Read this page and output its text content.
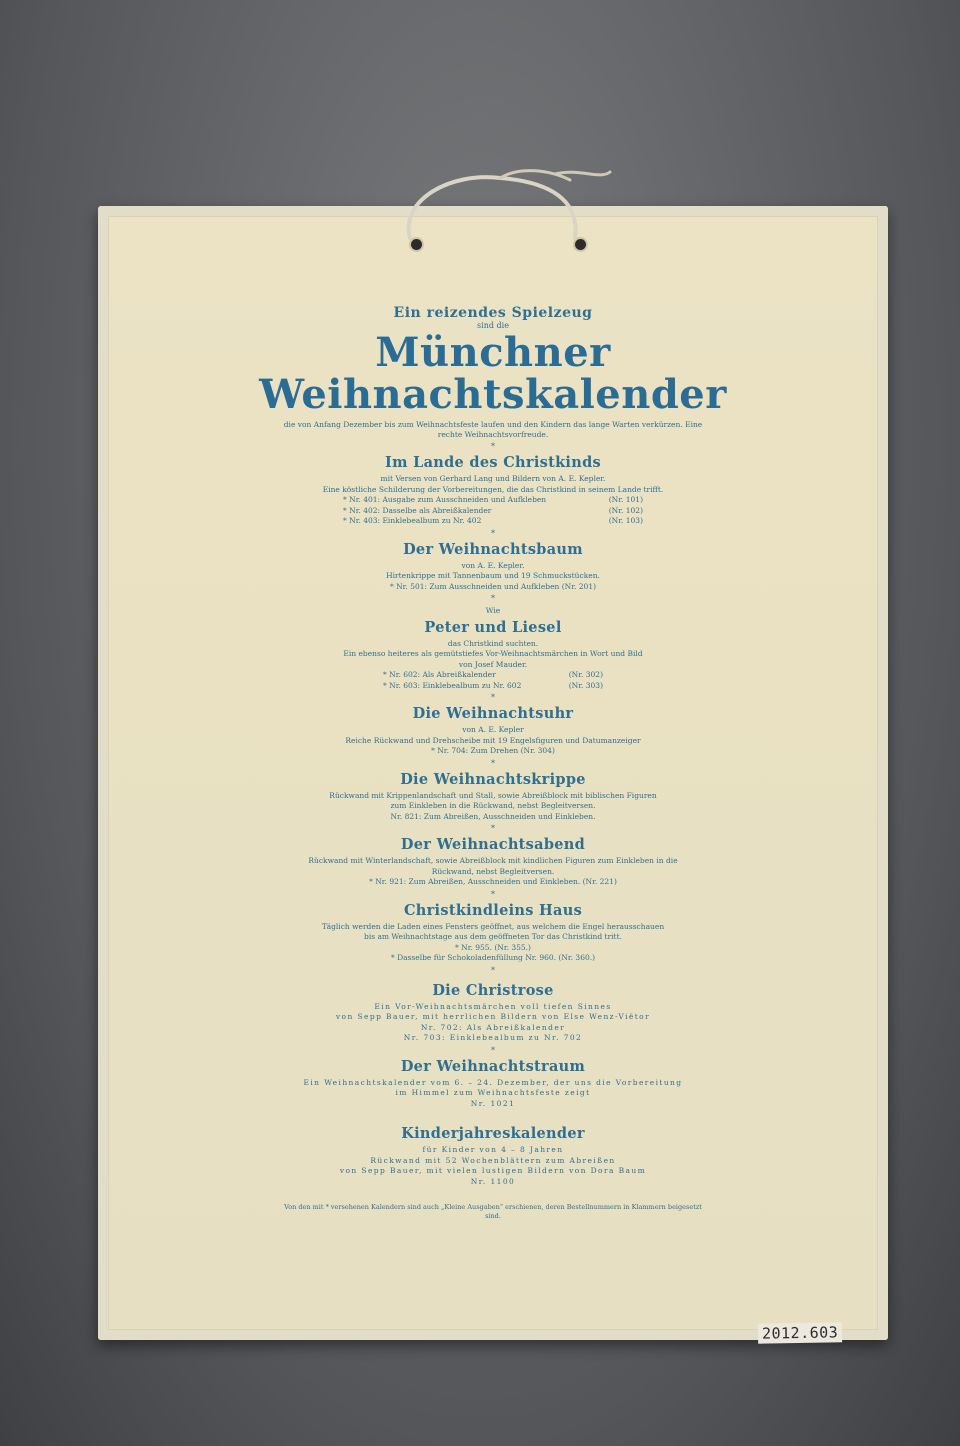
Ein reizendes Spielzeug

sind die

Münchner
Weihnachtskalender

die von Anfang Dezember bis zum Weihnachtsfeste laufen und den Kindern das lange Warten verkürzen. Eine rechte Weihnachtsvorfreude.

*

Im Lande des Christkinds

mit Versen von Gerhard Lang und Bildern von A. E. Kepler.

Eine köstliche Schilderung der Vorbereitungen, die das Christkind in seinem Lande trifft.

* Nr. 401: Ausgabe zum Ausschneiden und Aufkleben	(Nr. 101)
* Nr. 402: Dasselbe als Abreißkalender	(Nr. 102)
* Nr. 403: Einklebealbum zu Nr. 402	(Nr. 103)

*

Der Weihnachtsbaum

von A. E. Kepler.

Hirtenkrippe mit Tannenbaum und 19 Schmuckstücken.

* Nr. 501: Zum Ausschneiden und Aufkleben (Nr. 201)

*

Wie

Peter und Liesel

das Christkind suchten.

Ein ebenso heiteres als gemütstiefes Vor-Weihnachtsmärchen in Wort und Bild

von Josef Mauder.

* Nr. 602: Als Abreißkalender	(Nr. 302)
* Nr. 603: Einklebealbum zu Nr. 602	(Nr. 303)

*

Die Weihnachtsuhr

von A. E. Kepler

Reiche Rückwand und Drehscheibe mit 19 Engelsfiguren und Datumanzeiger

* Nr. 704: Zum Drehen (Nr. 304)

*

Die Weihnachtskrippe

Rückwand mit Krippenlandschaft und Stall, sowie Abreißblock mit biblischen Figuren

zum Einkleben in die Rückwand, nebst Begleitversen.

Nr. 821: Zum Abreißen, Ausschneiden und Einkleben.

*

Der Weihnachtsabend

Rückwand mit Winterlandschaft, sowie Abreißblock mit kindlichen Figuren zum Einkleben in die Rückwand, nebst Begleitversen.

* Nr. 921: Zum Abreißen, Ausschneiden und Einkleben. (Nr. 221)

*

Christkindleins Haus

Täglich werden die Laden eines Fensters geöffnet, aus welchem die Engel herausschauen

bis am Weihnachtstage aus dem geöffneten Tor das Christkind tritt.

* Nr. 955. (Nr. 355.)

* Dasselbe für Schokoladenfüllung Nr. 960. (Nr. 360.)

*

Die Christrose

Ein Vor-Weihnachtsmärchen voll tiefen Sinnes

von Sepp Bauer, mit herrlichen Bildern von Else Wenz-Viëtor

Nr. 702: Als Abreißkalender

Nr. 703: Einklebealbum zu Nr. 702

*

Der Weihnachtstraum

Ein Weihnachtskalender vom 6. – 24. Dezember, der uns die Vorbereitung im Himmel zum Weihnachtsfeste zeigt

Nr. 1021

Kinderjahreskalender

für Kinder von 4 – 8 Jahren

Rückwand mit 52 Wochenblättern zum Abreißen

von Sepp Bauer, mit vielen lustigen Bildern von Dora Baum

Nr. 1100

Von den mit * versehenen Kalendern sind auch „Kleine Ausgaben“ erschienen, deren Bestellnummern in Klammern beigesetzt sind.

2012.603
